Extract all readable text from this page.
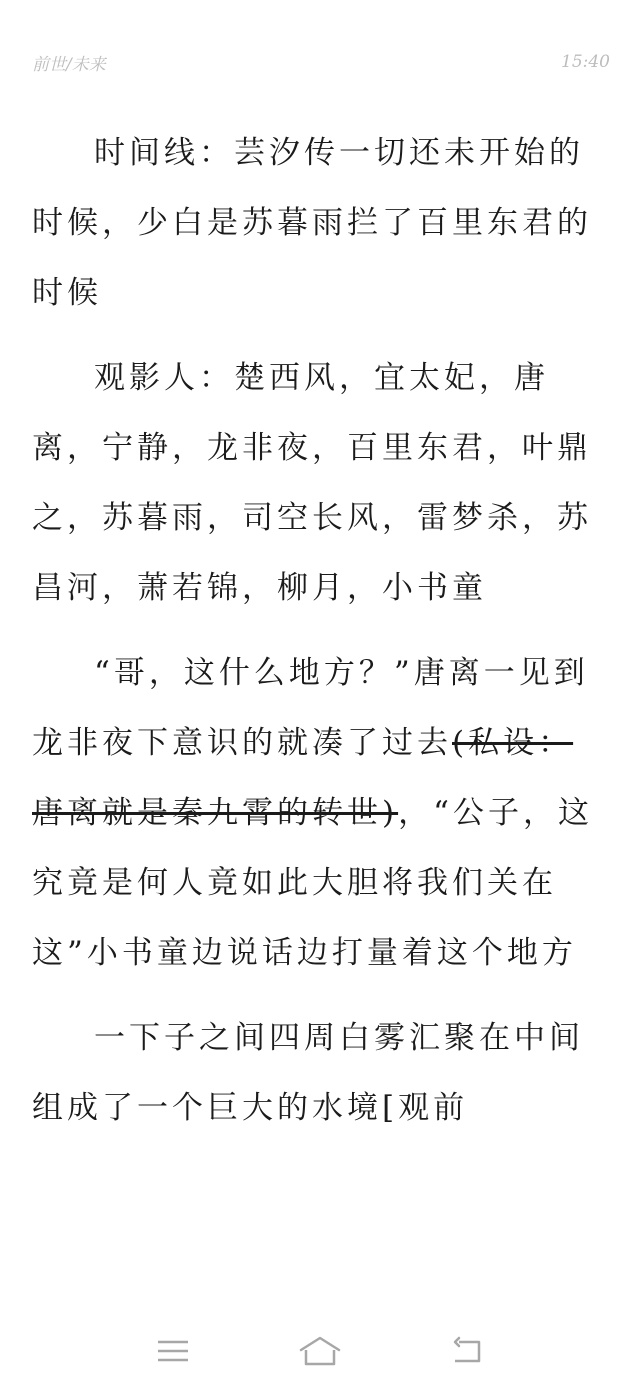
前世/未来	15:40

时间线：芸汐传一切还未开始的时候，少白是苏暮雨拦了百里东君的时候

观影人：楚西风，宜太妃，唐离，宁静，龙非夜，百里东君，叶鼎之，苏暮雨，司空长风，雷梦杀，苏昌河，萧若锦，柳月，小书童

“哥，这什么地方？”唐离一见到龙非夜下意识的就凑了过去(私设：唐离就是秦九霄的转世)，“公子，这究竟是何人竟如此大胆将我们关在这”小书童边说话边打量着这个地方

一下子之间四周白雾汇聚在中间组成了一个巨大的水境[观前
